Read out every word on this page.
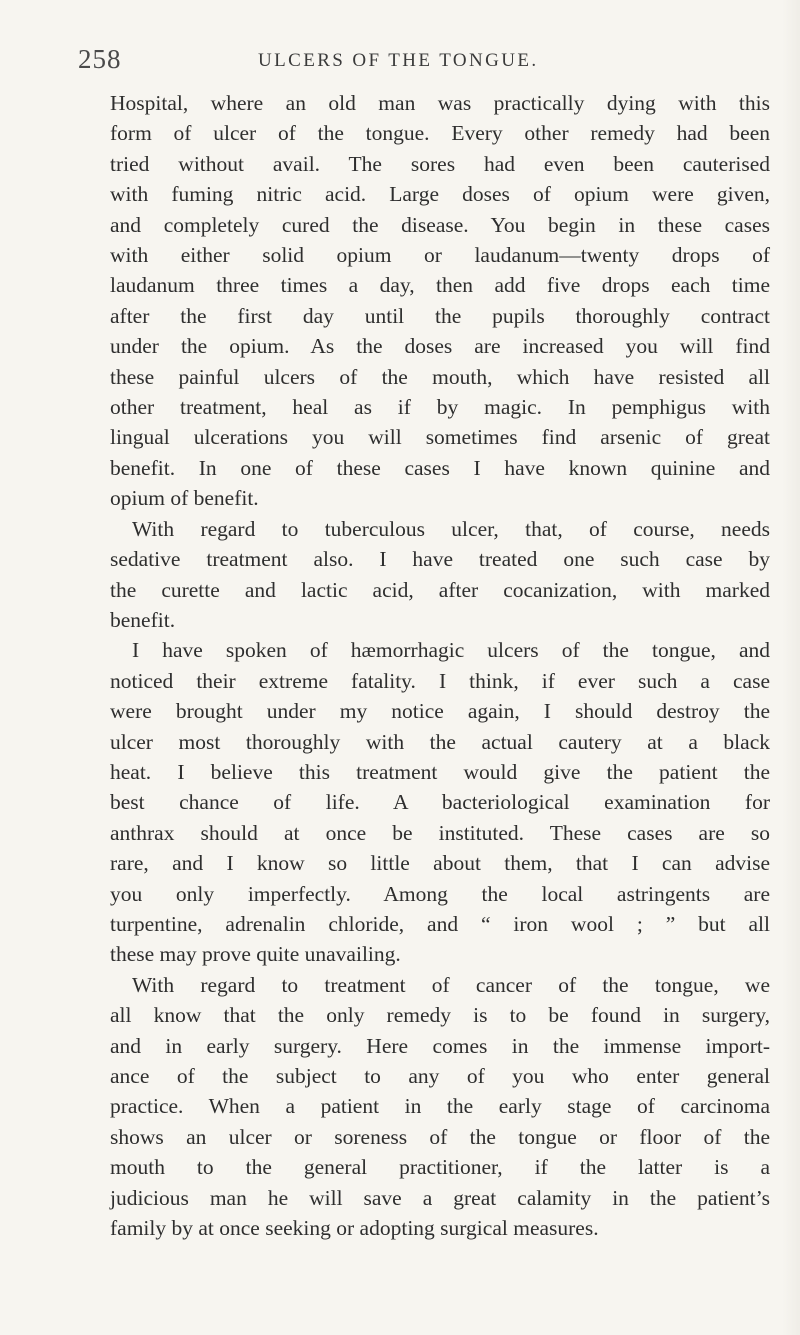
258	ULCERS OF THE TONGUE.
Hospital, where an old man was practically dying with this
form of ulcer of the tongue. Every other remedy had been
tried without avail. The sores had even been cauterised
with fuming nitric acid. Large doses of opium were given,
and completely cured the disease. You begin in these cases
with either solid opium or laudanum—twenty drops of
laudanum three times a day, then add five drops each time
after the first day until the pupils thoroughly contract
under the opium. As the doses are increased you will find
these painful ulcers of the mouth, which have resisted all
other treatment, heal as if by magic. In pemphigus with
lingual ulcerations you will sometimes find arsenic of great
benefit. In one of these cases I have known quinine and
opium of benefit.
With regard to tuberculous ulcer, that, of course, needs
sedative treatment also. I have treated one such case by
the curette and lactic acid, after cocanization, with marked
benefit.
I have spoken of hæmorrhagic ulcers of the tongue, and
noticed their extreme fatality. I think, if ever such a case
were brought under my notice again, I should destroy the
ulcer most thoroughly with the actual cautery at a black
heat. I believe this treatment would give the patient the
best chance of life. A bacteriological examination for
anthrax should at once be instituted. These cases are so
rare, and I know so little about them, that I can advise
you only imperfectly. Among the local astringents are
turpentine, adrenalin chloride, and “ iron wool ; ” but all
these may prove quite unavailing.
With regard to treatment of cancer of the tongue, we
all know that the only remedy is to be found in surgery,
and in early surgery. Here comes in the immense import-
ance of the subject to any of you who enter general
practice. When a patient in the early stage of carcinoma
shows an ulcer or soreness of the tongue or floor of the
mouth to the general practitioner, if the latter is a
judicious man he will save a great calamity in the patient’s
family by at once seeking or adopting surgical measures.
